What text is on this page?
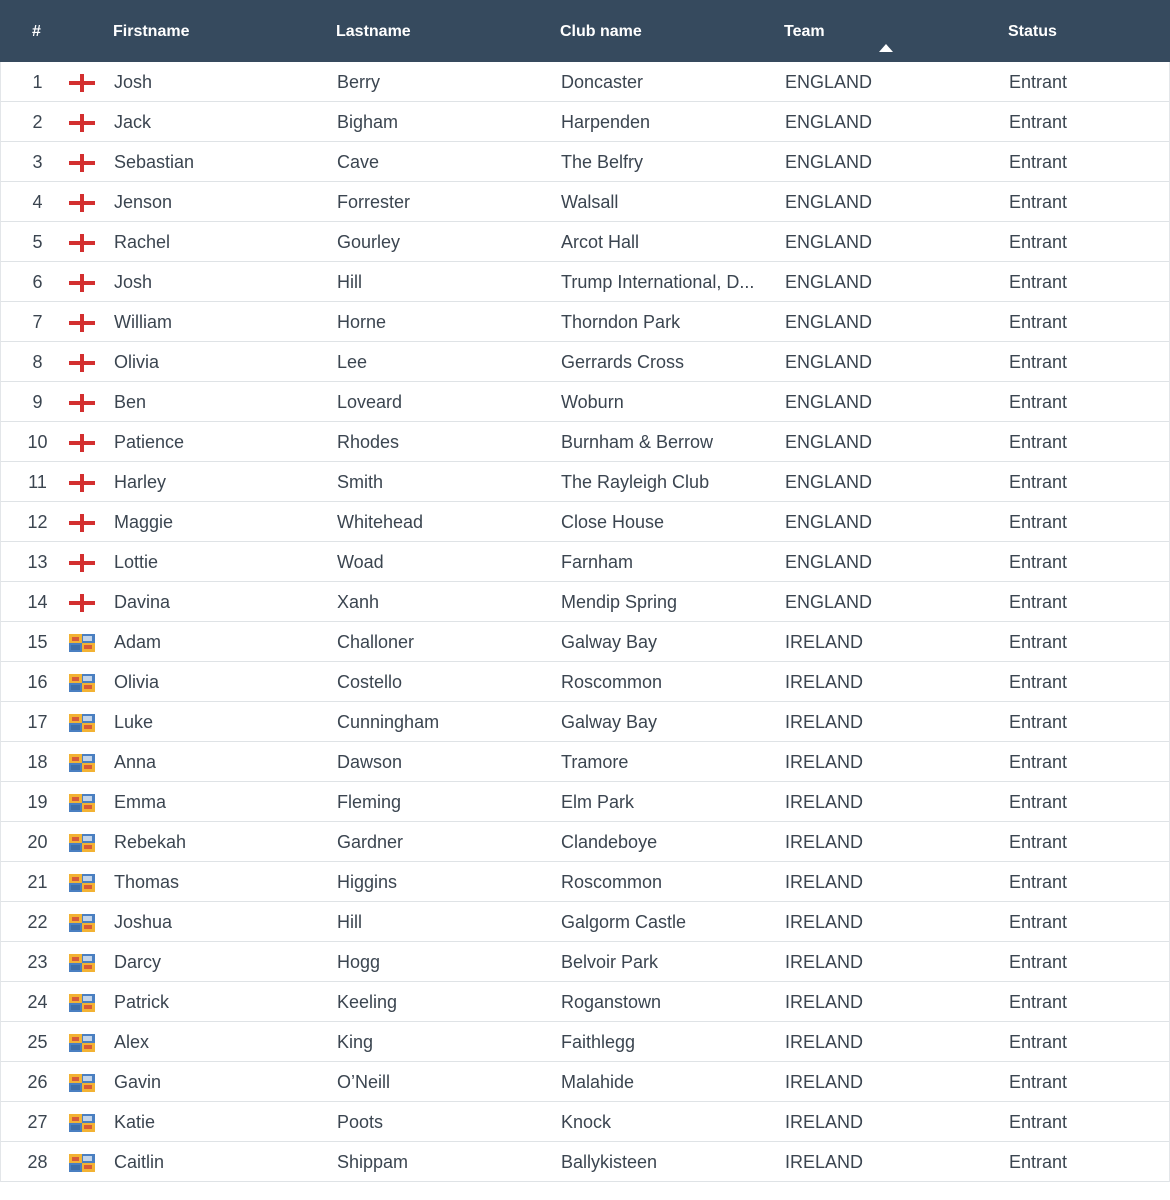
#	Firstname	Lastname	Club name	Team	Status
1	Josh	Berry	Doncaster	ENGLAND	Entrant
2	Jack	Bigham	Harpenden	ENGLAND	Entrant
3	Sebastian	Cave	The Belfry	ENGLAND	Entrant
4	Jenson	Forrester	Walsall	ENGLAND	Entrant
5	Rachel	Gourley	Arcot Hall	ENGLAND	Entrant
6	Josh	Hill	Trump International, D...	ENGLAND	Entrant
7	William	Horne	Thorndon Park	ENGLAND	Entrant
8	Olivia	Lee	Gerrards Cross	ENGLAND	Entrant
9	Ben	Loveard	Woburn	ENGLAND	Entrant
10	Patience	Rhodes	Burnham & Berrow	ENGLAND	Entrant
11	Harley	Smith	The Rayleigh Club	ENGLAND	Entrant
12	Maggie	Whitehead	Close House	ENGLAND	Entrant
13	Lottie	Woad	Farnham	ENGLAND	Entrant
14	Davina	Xanh	Mendip Spring	ENGLAND	Entrant
15	Adam	Challoner	Galway Bay	IRELAND	Entrant
16	Olivia	Costello	Roscommon	IRELAND	Entrant
17	Luke	Cunningham	Galway Bay	IRELAND	Entrant
18	Anna	Dawson	Tramore	IRELAND	Entrant
19	Emma	Fleming	Elm Park	IRELAND	Entrant
20	Rebekah	Gardner	Clandeboye	IRELAND	Entrant
21	Thomas	Higgins	Roscommon	IRELAND	Entrant
22	Joshua	Hill	Galgorm Castle	IRELAND	Entrant
23	Darcy	Hogg	Belvoir Park	IRELAND	Entrant
24	Patrick	Keeling	Roganstown	IRELAND	Entrant
25	Alex	King	Faithlegg	IRELAND	Entrant
26	Gavin	O’Neill	Malahide	IRELAND	Entrant
27	Katie	Poots	Knock	IRELAND	Entrant
28	Caitlin	Shippam	Ballykisteen	IRELAND	Entrant
